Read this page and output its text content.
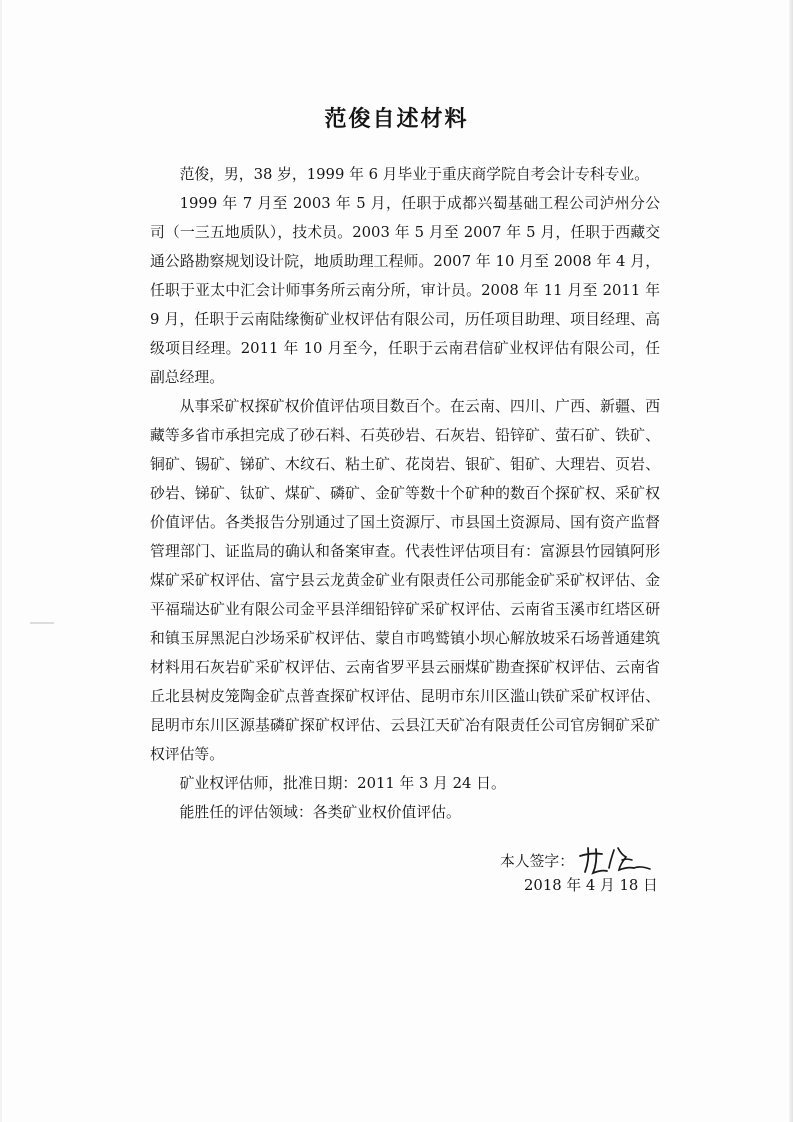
范俊自述材料

范俊，男，38 岁，1999 年 6 月毕业于重庆商学院自考会计专科专业。

1999 年 7 月至 2003 年 5 月，任职于成都兴蜀基础工程公司泸州分公司（一三五地质队），技术员。2003 年 5 月至 2007 年 5 月，任职于西藏交通公路勘察规划设计院，地质助理工程师。2007 年 10 月至 2008 年 4 月，任职于亚太中汇会计师事务所云南分所，审计员。2008 年 11 月至 2011 年 9 月，任职于云南陆缘衡矿业权评估有限公司，历任项目助理、项目经理、高级项目经理。2011 年 10 月至今，任职于云南君信矿业权评估有限公司，任副总经理。

从事采矿权探矿权价值评估项目数百个。在云南、四川、广西、新疆、西藏等多省市承担完成了砂石料、石英砂岩、石灰岩、铅锌矿、萤石矿、铁矿、铜矿、锡矿、锑矿、木纹石、粘土矿、花岗岩、银矿、钼矿、大理岩、页岩、砂岩、锑矿、钛矿、煤矿、磷矿、金矿等数十个矿种的数百个探矿权、采矿权价值评估。各类报告分别通过了国土资源厅、市县国土资源局、国有资产监督管理部门、证监局的确认和备案审查。代表性评估项目有：富源县竹园镇阿形煤矿采矿权评估、富宁县云龙黄金矿业有限责任公司那能金矿采矿权评估、金平福瑞达矿业有限公司金平县洋细铅锌矿采矿权评估、云南省玉溪市红塔区研和镇玉屏黑泥白沙场采矿权评估、蒙自市鸣鹫镇小坝心解放坡采石场普通建筑材料用石灰岩矿采矿权评估、云南省罗平县云丽煤矿勘查探矿权评估、云南省丘北县树皮笼陶金矿点普查探矿权评估、昆明市东川区滥山铁矿采矿权评估、昆明市东川区源基磷矿探矿权评估、云县江天矿冶有限责任公司官房铜矿采矿权评估等。

矿业权评估师，批准日期：2011 年 3 月 24 日。

能胜任的评估领域：各类矿业权价值评估。

本人签字：
2018 年 4 月 18 日
